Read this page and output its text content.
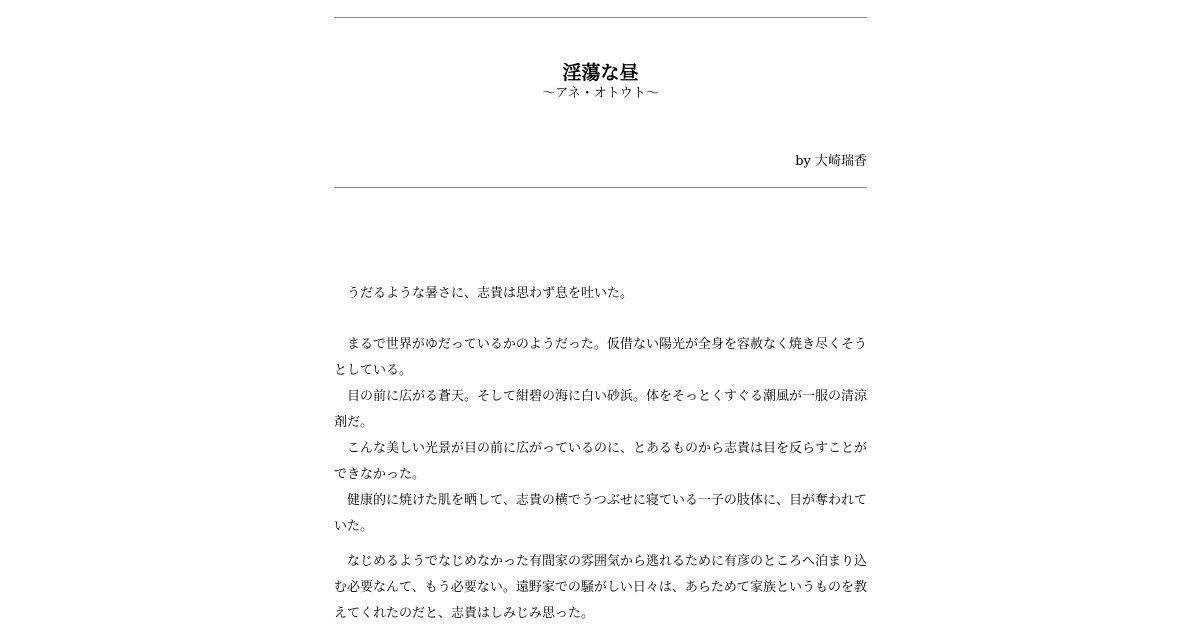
淫蕩な昼
～アネ・オトウト～
by 大崎瑞香

うだるような暑さに、志貴は思わず息を吐いた。

まるで世界がゆだっているかのようだった。仮借ない陽光が全身を容赦なく焼き尽くそうとしている。

目の前に広がる蒼天。そして紺碧の海に白い砂浜。体をそっとくすぐる潮風が一服の清涼剤だ。

こんな美しい光景が目の前に広がっているのに、とあるものから志貴は目を反らすことができなかった。

健康的に焼けた肌を晒して、志貴の横でうつぶせに寝ている一子の肢体に、目が奪われていた。

なじめるようでなじめなかった有間家の雰囲気から逃れるために有彦のところへ泊まり込む必要なんて、もう必要ない。遠野家での騒がしい日々は、あらためて家族というものを教えてくれたのだと、志貴はしみじみ思った。
